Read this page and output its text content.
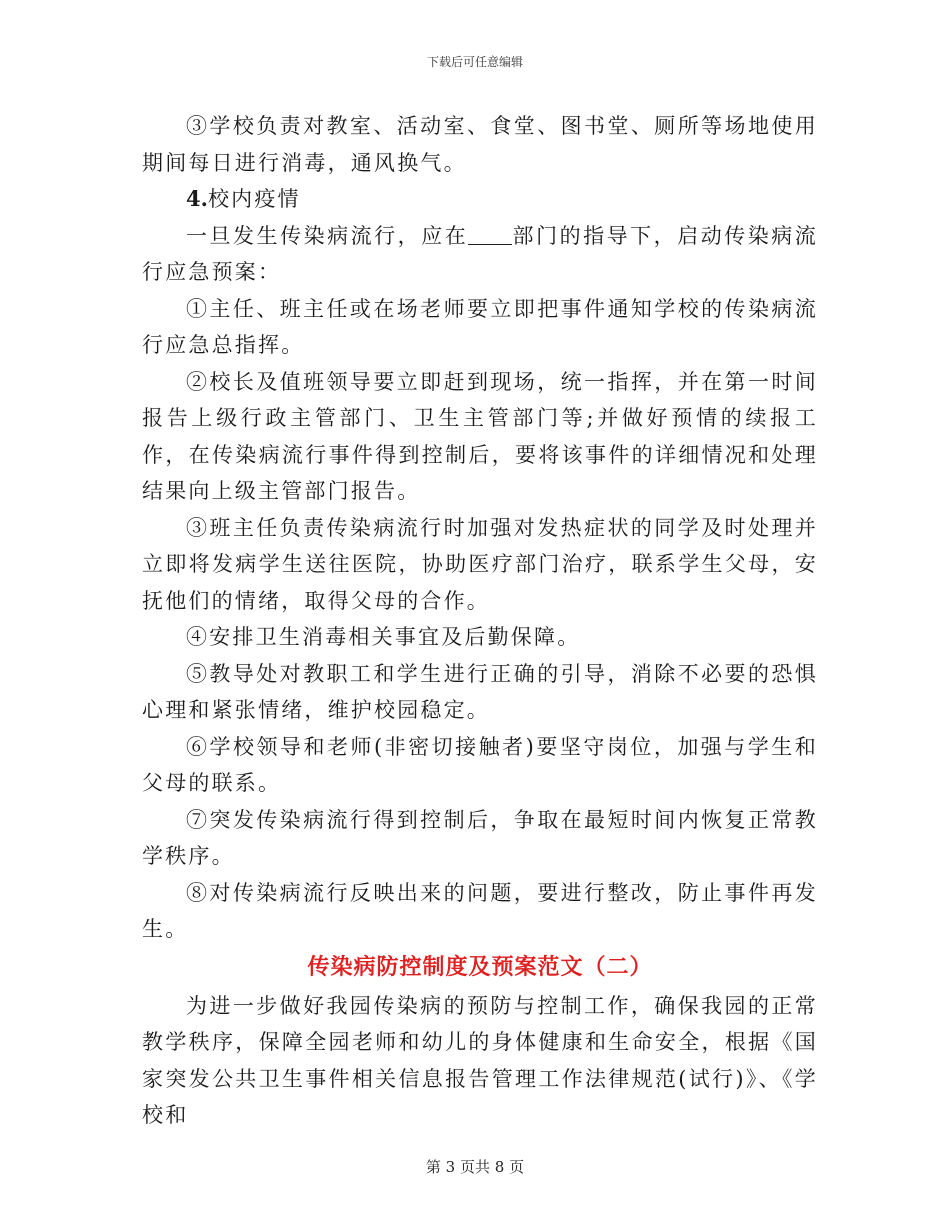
下载后可任意编辑

③学校负责对教室、活动室、食堂、图书堂、厕所等场地使用期间每日进行消毒，通风换气。

4.校内疫情

一旦发生传染病流行，应在 部门的指导下，启动传染病流行应急预案：

①主任、班主任或在场老师要立即把事件通知学校的传染病流行应急总指挥。

②校长及值班领导要立即赶到现场，统一指挥，并在第一时间报告上级行政主管部门、卫生主管部门等;并做好预情的续报工作，在传染病流行事件得到控制后，要将该事件的详细情况和处理结果向上级主管部门报告。

③班主任负责传染病流行时加强对发热症状的同学及时处理并立即将发病学生送往医院，协助医疗部门治疗，联系学生父母，安抚他们的情绪，取得父母的合作。

④安排卫生消毒相关事宜及后勤保障。

⑤教导处对教职工和学生进行正确的引导，消除不必要的恐惧心理和紧张情绪，维护校园稳定。

⑥学校领导和老师(非密切接触者)要坚守岗位，加强与学生和父母的联系。

⑦突发传染病流行得到控制后，争取在最短时间内恢复正常教学秩序。

⑧对传染病流行反映出来的问题，要进行整改，防止事件再发生。

传染病防控制度及预案范文（二）

为进一步做好我园传染病的预防与控制工作，确保我园的正常教学秩序，保障全园老师和幼儿的身体健康和生命安全，根据《国家突发公共卫生事件相关信息报告管理工作法律规范(试行)》、《学校和

第 3 页共 8 页
